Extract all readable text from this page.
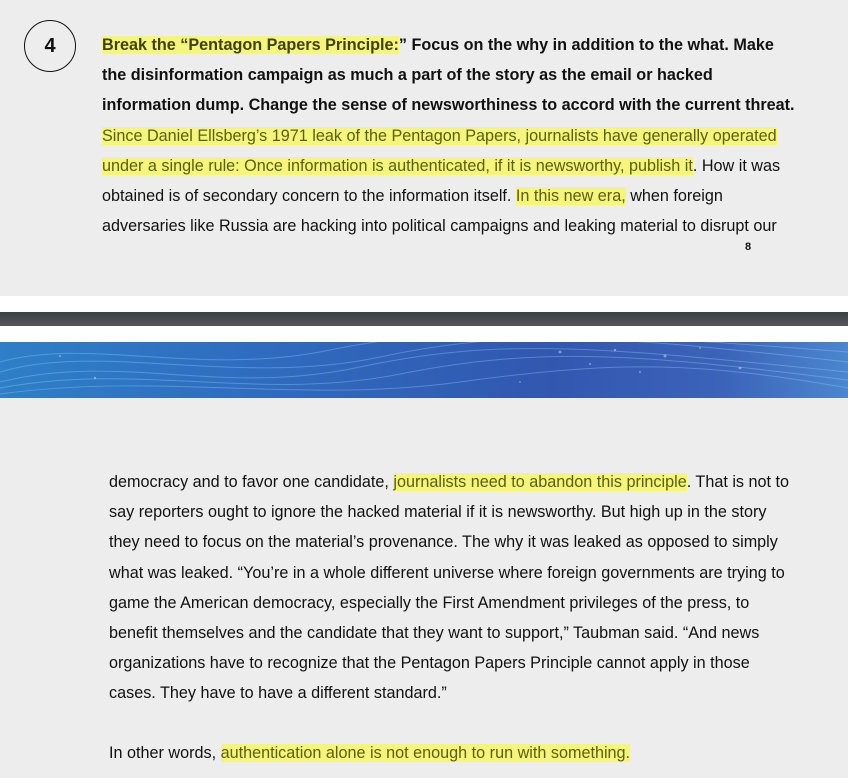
4	Break the “Pentagon Papers Principle:” Focus on the why in addition to the what. Make
the disinformation campaign as much a part of the story as the email or hacked
information dump. Change the sense of newsworthiness to accord with the current threat.
Since Daniel Ellsberg’s 1971 leak of the Pentagon Papers, journalists have generally operated
under a single rule: Once information is authenticated, if it is newsworthy, publish it. How it was
obtained is of secondary concern to the information itself. In this new era, when foreign
adversaries like Russia are hacking into political campaigns and leaking material to disrupt our
8
democracy and to favor one candidate, journalists need to abandon this principle. That is not to
say reporters ought to ignore the hacked material if it is newsworthy. But high up in the story
they need to focus on the material’s provenance. The why it was leaked as opposed to simply
what was leaked. “You’re in a whole different universe where foreign governments are trying to
game the American democracy, especially the First Amendment privileges of the press, to
benefit themselves and the candidate that they want to support,” Taubman said. “And news
organizations have to recognize that the Pentagon Papers Principle cannot apply in those
cases. They have to have a different standard.”
In other words, authentication alone is not enough to run with something.
